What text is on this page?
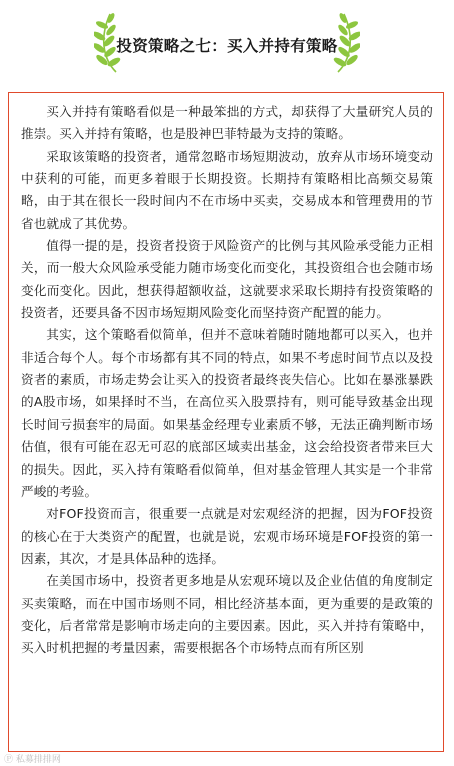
投资策略之七：买入并持有策略

买入并持有策略看似是一种最笨拙的方式，却获得了大量研究人员的推崇。买入并持有策略，也是股神巴菲特最为支持的策略。

采取该策略的投资者，通常忽略市场短期波动，放弃从市场环境变动中获利的可能，而更多着眼于长期投资。长期持有策略相比高频交易策略，由于其在很长一段时间内不在市场中买卖，交易成本和管理费用的节省也就成了其优势。

值得一提的是，投资者投资于风险资产的比例与其风险承受能力正相关，而一般大众风险承受能力随市场变化而变化，其投资组合也会随市场变化而变化。因此，想获得超额收益，这就要求采取长期持有投资策略的投资者，还要具备不因市场短期风险变化而坚持资产配置的能力。

其实，这个策略看似简单，但并不意味着随时随地都可以买入，也并非适合每个人。每个市场都有其不同的特点，如果不考虑时间节点以及投资者的素质，市场走势会让买入的投资者最终丧失信心。比如在暴涨暴跌的A股市场，如果择时不当，在高位买入股票持有，则可能导致基金出现长时间亏损套牢的局面。如果基金经理专业素质不够，无法正确判断市场估值，很有可能在忍无可忍的底部区域卖出基金，这会给投资者带来巨大的损失。因此，买入持有策略看似简单，但对基金管理人其实是一个非常严峻的考验。

对FOF投资而言，很重要一点就是对宏观经济的把握，因为FOF投资的核心在于大类资产的配置，也就是说，宏观市场环境是FOF投资的第一因素，其次，才是具体品种的选择。

在美国市场中，投资者更多地是从宏观环境以及企业估值的角度制定买卖策略，而在中国市场则不同，相比经济基本面，更为重要的是政策的变化，后者常常是影响市场走向的主要因素。因此，买入并持有策略中，买入时机把握的考量因素，需要根据各个市场特点而有所区别

Ⓟ 私募排排网
